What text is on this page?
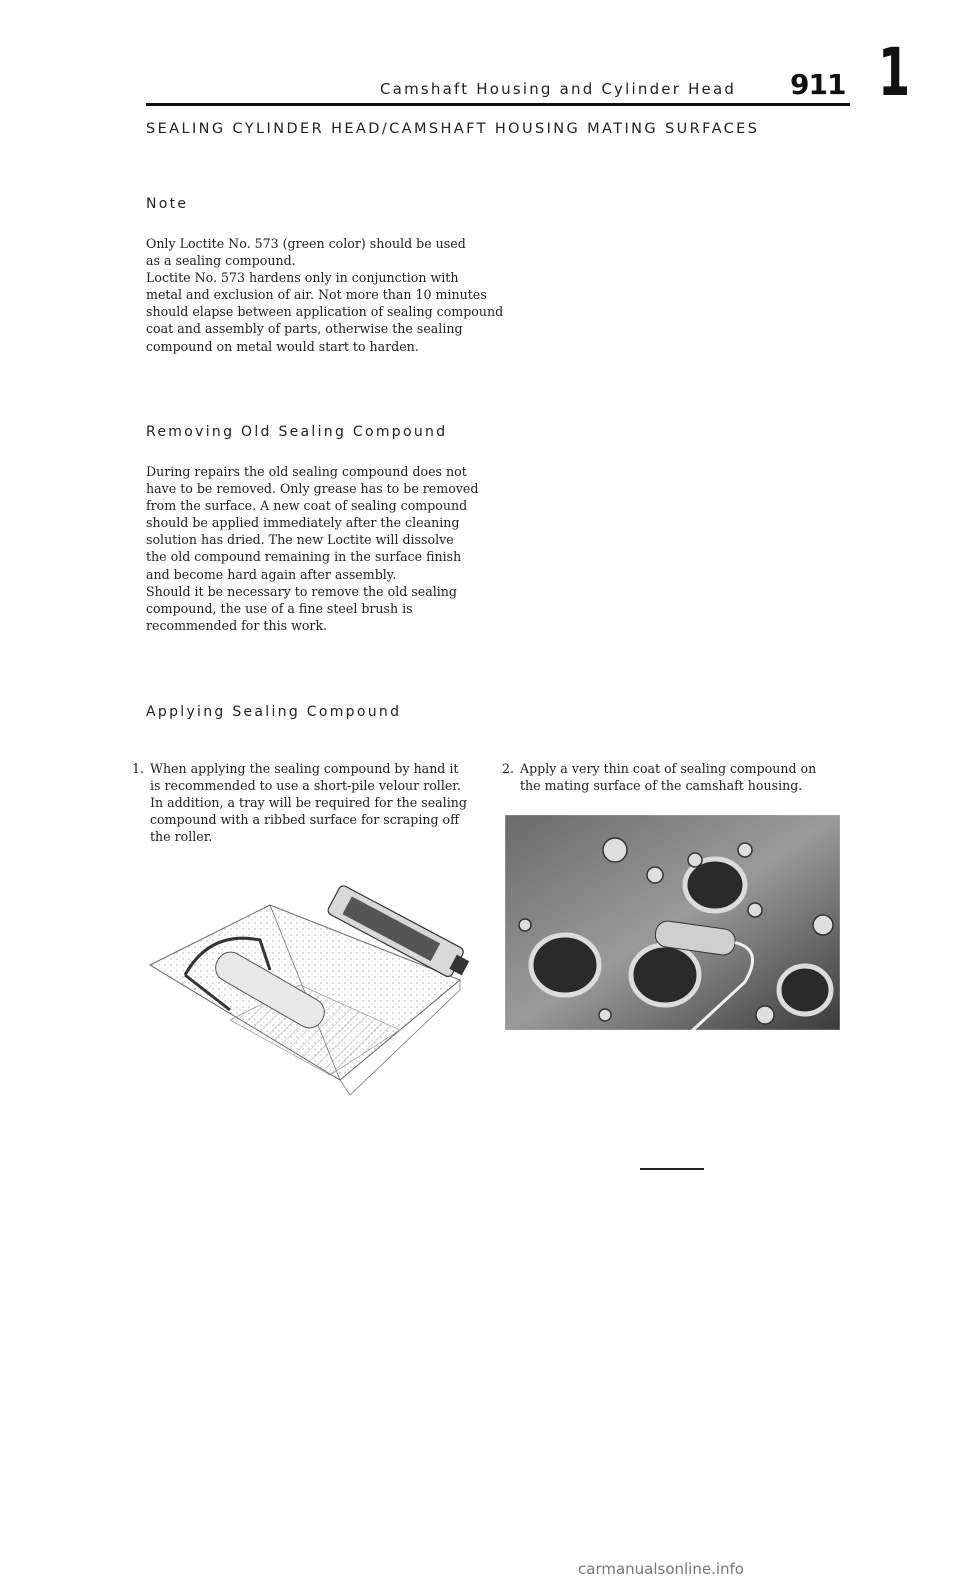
Camshaft Housing and Cylinder Head 911 1
SEALING CYLINDER HEAD/CAMSHAFT HOUSING MATING SURFACES
Note
Only Loctite No. 573 (green color) should be used
as a sealing compound.
Loctite No. 573 hardens only in conjunction with
metal and exclusion of air. Not more than 10 minutes
should elapse between application of sealing compound
coat and assembly of parts, otherwise the sealing
compound on metal would start to harden.
Removing Old Sealing Compound
During repairs the old sealing compound does not
have to be removed. Only grease has to be removed
from the surface. A new coat of sealing compound
should be applied immediately after the cleaning
solution has dried. The new Loctite will dissolve
the old compound remaining in the surface finish
and become hard again after assembly.
Should it be necessary to remove the old sealing
compound, the use of a fine steel brush is
recommended for this work.
Applying Sealing Compound
1. When applying the sealing compound by hand it
is recommended to use a short-pile velour roller.
In addition, a tray will be required for the sealing
compound with a ribbed surface for scraping off
the roller.
2. Apply a very thin coat of sealing compound on
the mating surface of the camshaft housing.
carmanualsonline.info
